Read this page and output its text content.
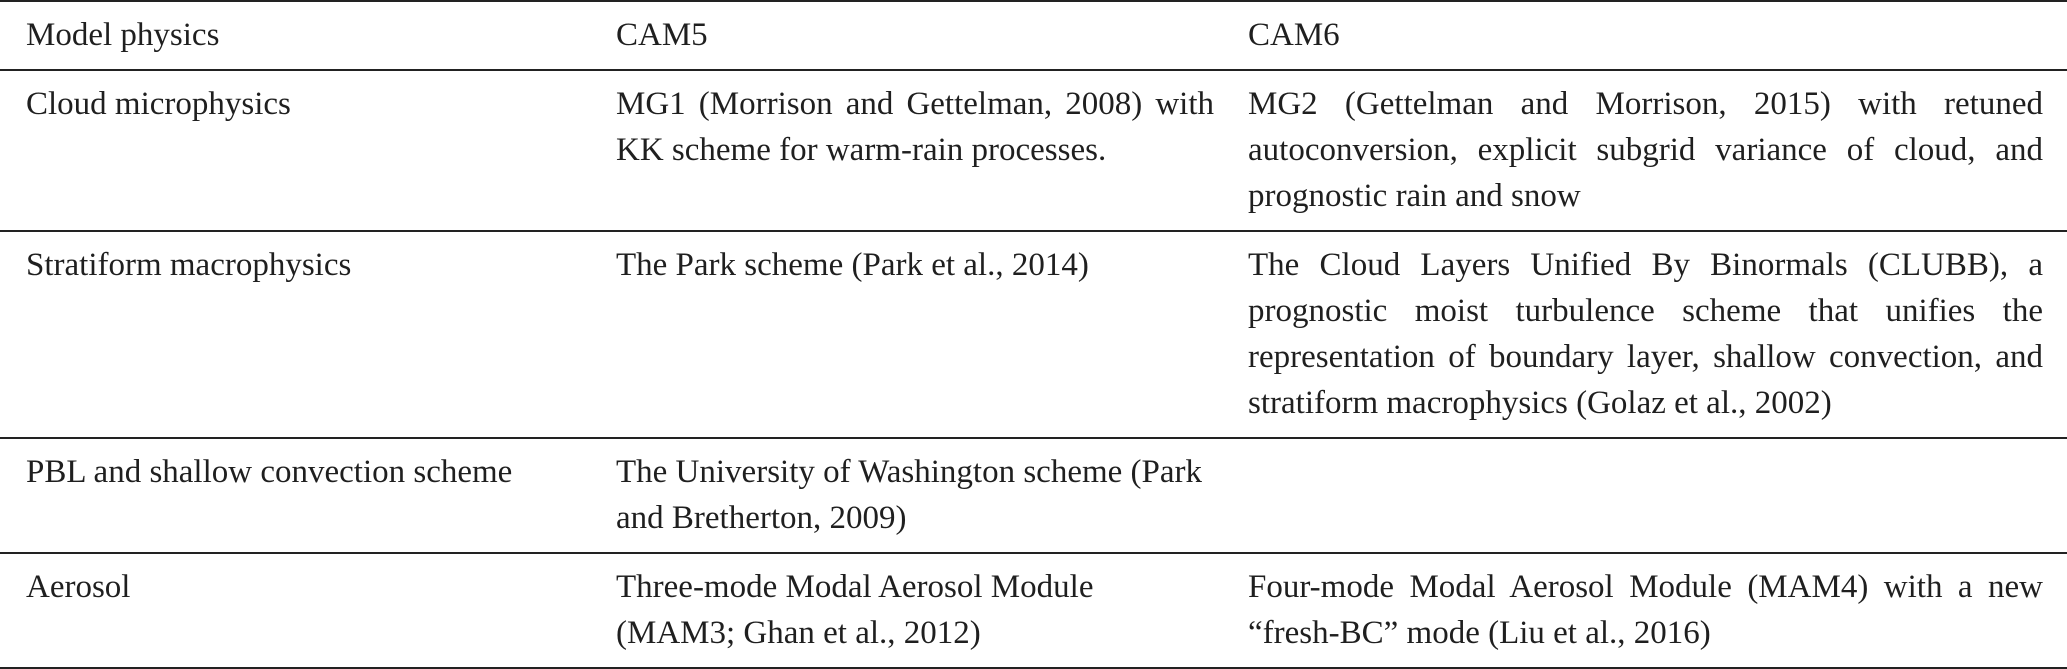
Model physics	CAM5	CAM6
Cloud microphysics	MG1 (Morrison and Gettelman, 2008) with KK scheme for warm-rain processes.	MG2 (Gettelman and Morrison, 2015) with retuned autoconversion, explicit subgrid variance of cloud, and prognostic rain and snow
Stratiform macrophysics	The Park scheme (Park et al., 2014)	The Cloud Layers Unified By Binormals (CLUBB), a prognostic moist turbulence scheme that unifies the representation of boundary layer, shallow convection, and stratiform macrophysics (Golaz et al., 2002)
PBL and shallow convection scheme	The University of Washington scheme (Park and Bretherton, 2009)	
Aerosol	Three-mode Modal Aerosol Module (MAM3; Ghan et al., 2012)	Four-mode Modal Aerosol Module (MAM4) with a new “fresh-BC” mode (Liu et al., 2016)
